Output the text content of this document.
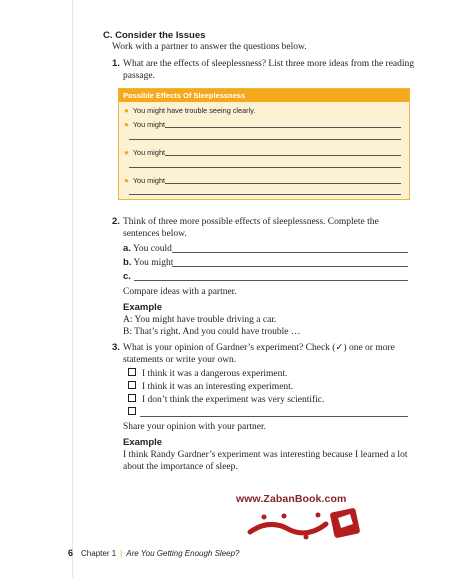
C. Consider the Issues
Work with a partner to answer the questions below.
1. What are the effects of sleeplessness? List three more ideas from the reading
passage.
Possible Effects Of Sleeplessness
● You might have trouble seeing clearly.
● You might
● You might
● You might
2. Think of three more possible effects of sleeplessness. Complete the
sentences below.
a. You could
b. You might
c.
Compare ideas with a partner.
Example
A: You might have trouble driving a car.
B: That’s right. And you could have trouble …
3. What is your opinion of Gardner’s experiment? Check (✓) one or more
statements or write your own.
I think it was a dangerous experiment.
I think it was an interesting experiment.
I don’t think the experiment was very scientific.
Share your opinion with your partner.
Example
I think Randy Gardner’s experiment was interesting because I learned a lot
about the importance of sleep.
www.ZabanBook.com
6 Chapter 1 | Are You Getting Enough Sleep?
